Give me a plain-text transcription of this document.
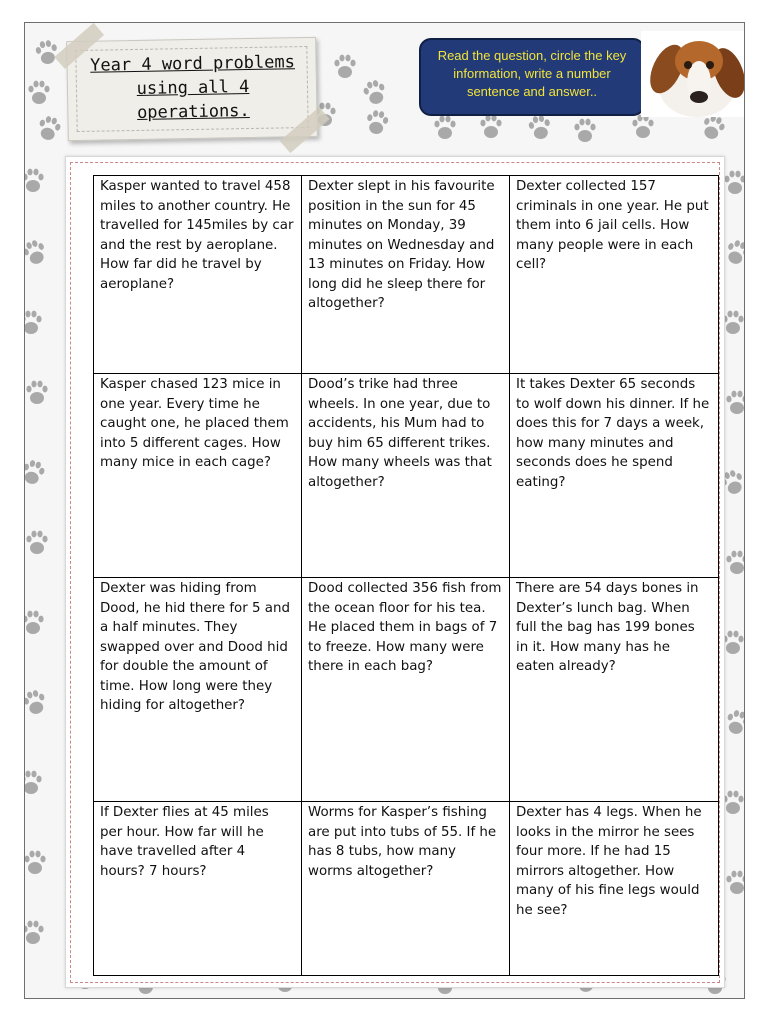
Year 4 word problems using all 4 operations.
Read the question, circle the key information, write a number sentence and answer..
Kasper wanted to travel 458 miles to another country. He travelled for 145miles by car and the rest by aeroplane. How far did he travel by aeroplane?	Dexter slept in his favourite position in the sun for 45 minutes on Monday, 39 minutes on Wednesday and 13 minutes on Friday. How long did he sleep there for altogether?	Dexter collected 157 criminals in one year. He put them into 6 jail cells. How many people were in each cell?
Kasper chased 123 mice in one year. Every time he caught one, he placed them into 5 different cages. How many mice in each cage?	Dood’s trike had three wheels. In one year, due to accidents, his Mum had to buy him 65 different trikes. How many wheels was that altogether?	It takes Dexter 65 seconds to wolf down his dinner. If he does this for 7 days a week, how many minutes and seconds does he spend eating?
Dexter was hiding from Dood, he hid there for 5 and a half minutes. They swapped over and Dood hid for double the amount of time. How long were they hiding for altogether?	Dood collected 356 fish from the ocean floor for his tea. He placed them in bags of 7 to freeze. How many were there in each bag?	There are 54 days bones in Dexter’s lunch bag. When full the bag has 199 bones in it. How many has he eaten already?
If Dexter flies at 45 miles per hour. How far will he have travelled after 4 hours? 7 hours?	Worms for Kasper’s fishing are put into tubs of 55. If he has 8 tubs, how many worms altogether?	Dexter has 4 legs. When he looks in the mirror he sees four more. If he had 15 mirrors altogether. How many of his fine legs would he see?
